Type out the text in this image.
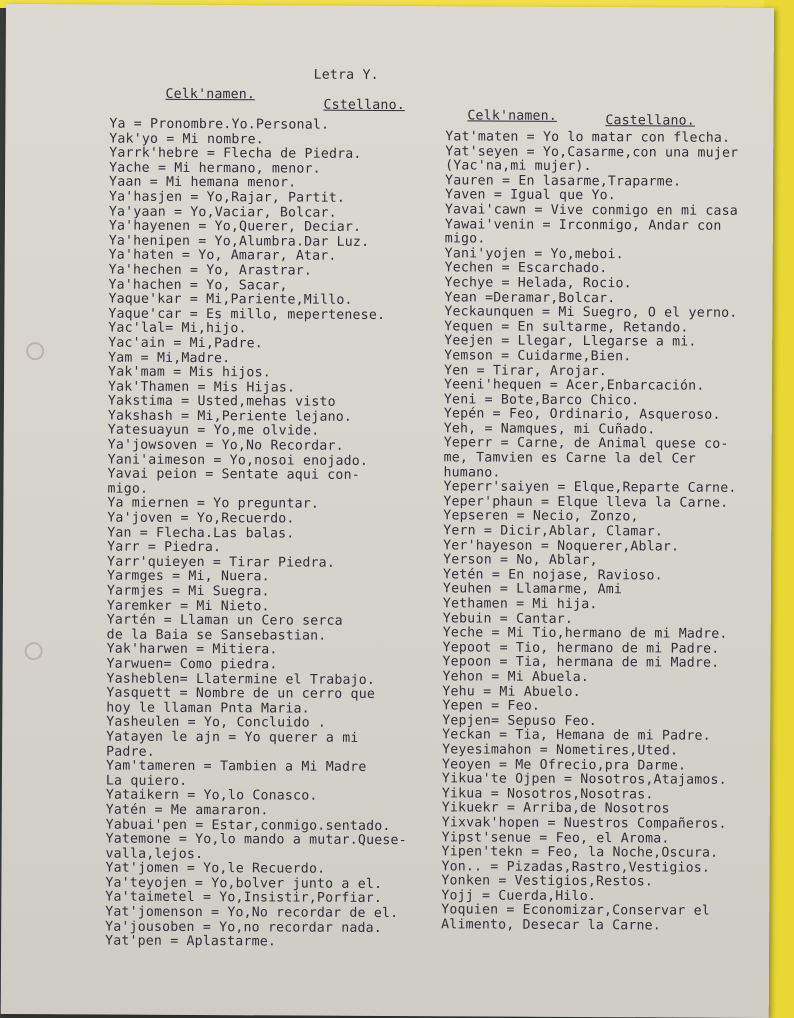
Letra Y.
Celk'namen.
Cstellano.
Celk'namen.	Castellano.
Ya = Pronombre.Yo.Personal.
Yak'yo = Mi nombre.
Yarrk'hebre = Flecha de Piedra.
Yache = Mi hermano, menor.
Yaan = Mi hemana menor.
Ya'hasjen = Yo,Rajar, Partit.
Ya'yaan = Yo,Vaciar, Bolcar.
Ya'hayenen = Yo,Querer, Deciar.
Ya'henipen = Yo,Alumbra.Dar Luz.
Ya'haten = Yo, Amarar, Atar.
Ya'hechen = Yo, Arastrar.
Ya'hachen = Yo, Sacar,
Yaque'kar = Mi,Pariente,Millo.
Yaque'car = Es millo, mepertenese.
Yac'lal= Mi,hijo.
Yac'ain = Mi,Padre.
Yam = Mi,Madre.
Yak'mam = Mis hijos.
Yak'Thamen = Mis Hijas.
Yakstima = Usted,mehas visto
Yakshash = Mi,Periente lejano.
Yatesuayun = Yo,me olvide.
Ya'jowsoven = Yo,No Recordar.
Yani'aimeson = Yo,nosoi enojado.
Yavai peion = Sentate aqui con-
migo.
Ya miernen = Yo preguntar.
Ya'joven = Yo,Recuerdo.
Yan = Flecha.Las balas.
Yarr = Piedra.
Yarr'quieyen = Tirar Piedra.
Yarmges = Mi, Nuera.
Yarmjes = Mi Suegra.
Yaremker = Mi Nieto.
Yartén = Llaman un Cero serca
de la Baia se Sansebastian.
Yak'harwen = Mitiera.
Yarwuen= Como piedra.
Yasheblen= Llatermine el Trabajo.
Yasquett = Nombre de un cerro que
hoy le llaman Pnta Maria.
Yasheulen = Yo, Concluido .
Yatayen le ajn = Yo querer a mi
Padre.
Yam'tameren = Tambien a Mi Madre
La quiero.
Yataikern = Yo,lo Conasco.
Yatén = Me amararon.
Yabuai'pen = Estar,conmigo.sentado.
Yatemone = Yo,lo mando a mutar.Quese-
valla,lejos.
Yat'jomen = Yo,le Recuerdo.
Ya'teyojen = Yo,bolver junto a el.
Ya'taimetel = Yo,Insistir,Porfiar.
Yat'jomenson = Yo,No recordar de el.
Ya'jousoben = Yo,no recordar nada.
Yat'pen = Aplastarme.
Yat'maten = Yo lo matar con flecha.
Yat'seyen = Yo,Casarme,con una mujer
(Yac'na,mi mujer).
Yauren = En lasarme,Traparme.
Yaven = Igual que Yo.
Yavai'cawn = Vive conmigo en mi casa
Yawai'venin = Irconmigo, Andar con
migo.
Yani'yojen = Yo,meboi.
Yechen = Escarchado.
Yechye = Helada, Rocio.
Yean =Deramar,Bolcar.
Yeckaunquen = Mi Suegro, O el yerno.
Yequen = En sultarme, Retando.
Yeejen = Llegar, Llegarse a mi.
Yemson = Cuidarme,Bien.
Yen = Tirar, Arojar.
Yeeni'hequen = Acer,Enbarcación.
Yeni = Bote,Barco Chico.
Yepén = Feo, Ordinario, Asqueroso.
Yeh, = Namques, mi Cuñado.
Yeperr = Carne, de Animal quese co-
me, Tamvien es Carne la del Cer
humano.
Yeperr'saiyen = Elque,Reparte Carne.
Yeper'phaun = Elque lleva la Carne.
Yepseren = Necio, Zonzo,
Yern = Dicir,Ablar, Clamar.
Yer'hayeson = Noquerer,Ablar.
Yerson = No, Ablar,
Yetén = En nojase, Ravioso.
Yeuhen = Llamarme, Ami
Yethamen = Mi hija.
Yebuin = Cantar.
Yeche = Mi Tio,hermano de mi Madre.
Yepoot = Tio, hermano de mi Padre.
Yepoon = Tia, hermana de mi Madre.
Yehon = Mi Abuela.
Yehu = Mi Abuelo.
Yepen = Feo.
Yepjen= Sepuso Feo.
Yeckan = Tia, Hemana de mi Padre.
Yeyesimahon = Nometires,Uted.
Yeoyen = Me Ofrecio,pra Darme.
Yikua'te Ojpen = Nosotros,Atajamos.
Yikua = Nosotros,Nosotras.
Yikuekr = Arriba,de Nosotros
Yixvak'hopen = Nuestros Compañeros.
Yipst'senue = Feo, el Aroma.
Yipen'tekn = Feo, la Noche,Oscura.
Yon.. = Pizadas,Rastro,Vestigios.
Yonken = Vestigios,Restos.
Yojj = Cuerda,Hilo.
Yoquien = Economizar,Conservar el
Alimento, Desecar la Carne.
